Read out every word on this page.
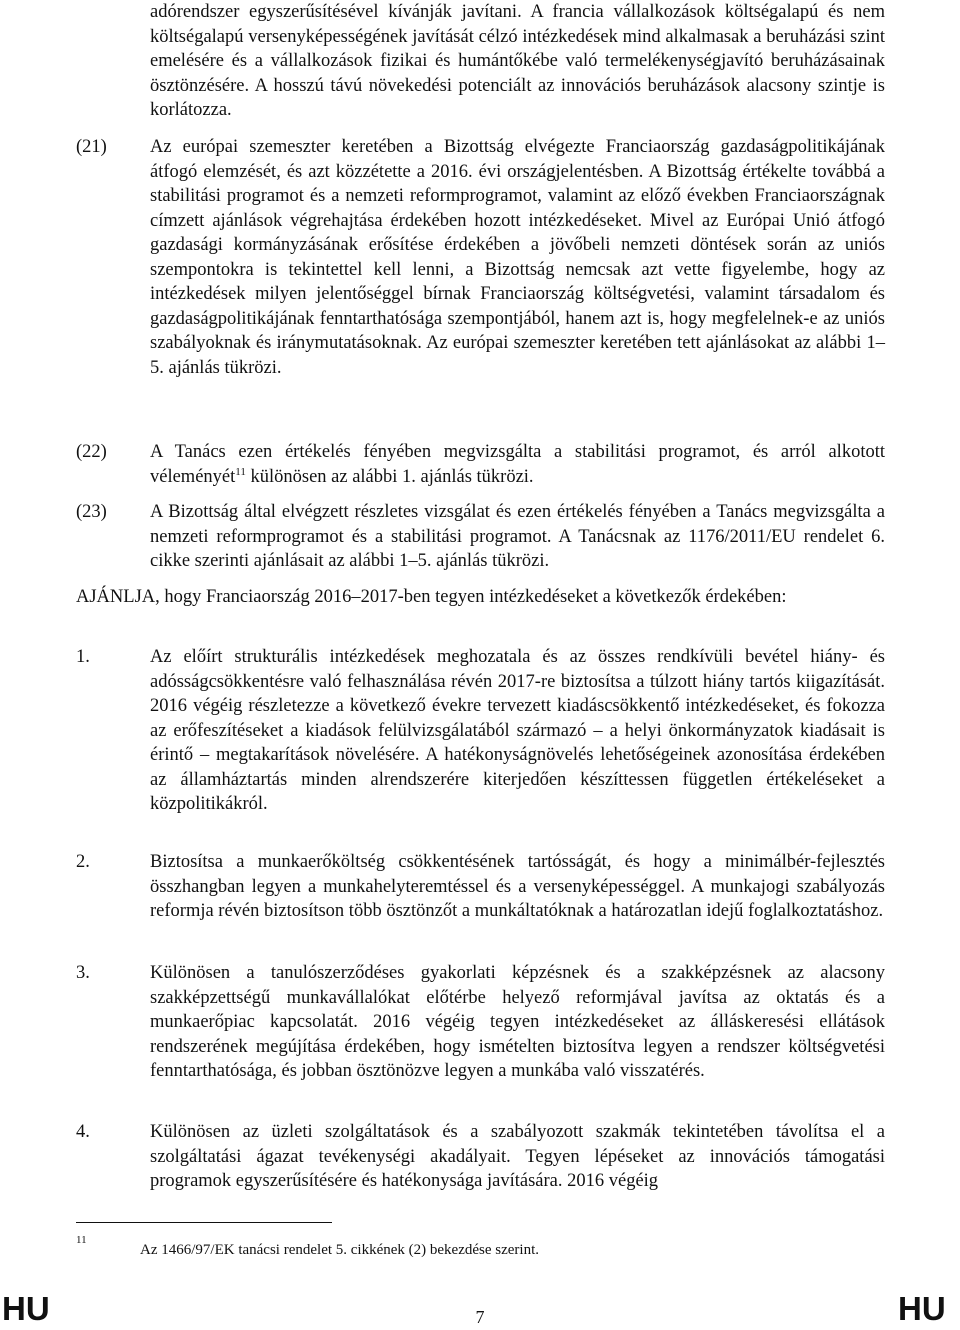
adórendszer egyszerűsítésével kívánják javítani. A francia vállalkozások költségalapú és nem költségalapú versenyképességének javítását célzó intézkedések mind alkalmasak a beruházási szint emelésére és a vállalkozások fizikai és humántőkébe való termelékenységjavító beruházásainak ösztönzésére. A hosszú távú növekedési potenciált az innovációs beruházások alacsony szintje is korlátozza.
(21) Az európai szemeszter keretében a Bizottság elvégezte Franciaország gazdaságpolitikájának átfogó elemzését, és azt közzétette a 2016. évi országjelentésben. A Bizottság értékelte továbbá a stabilitási programot és a nemzeti reformprogramot, valamint az előző években Franciaországnak címzett ajánlások végrehajtása érdekében hozott intézkedéseket. Mivel az Európai Unió átfogó gazdasági kormányzásának erősítése érdekében a jövőbeli nemzeti döntések során az uniós szempontokra is tekintettel kell lenni, a Bizottság nemcsak azt vette figyelembe, hogy az intézkedések milyen jelentőséggel bírnak Franciaország költségvetési, valamint társadalom és gazdaságpolitikájának fenntarthatósága szempontjából, hanem azt is, hogy megfelelnek-e az uniós szabályoknak és iránymutatásoknak. Az európai szemeszter keretében tett ajánlásokat az alábbi 1–5. ajánlás tükrözi.
(22) A Tanács ezen értékelés fényében megvizsgálta a stabilitási programot, és arról alkotott véleményét$^{11}$ különösen az alábbi 1. ajánlás tükrözi.
(23) A Bizottság által elvégzett részletes vizsgálat és ezen értékelés fényében a Tanács megvizsgálta a nemzeti reformprogramot és a stabilitási programot. A Tanácsnak az 1176/2011/EU rendelet 6. cikke szerinti ajánlásait az alábbi 1–5. ajánlás tükrözi.
AJÁNLJA, hogy Franciaország 2016–2017-ben tegyen intézkedéseket a következők érdekében:
1.	Az előírt strukturális intézkedések meghozatala és az összes rendkívüli bevétel hiány- és adósságcsökkentésre való felhasználása révén 2017-re biztosítsa a túlzott hiány tartós kiigazítását. 2016 végéig részletezze a következő évekre tervezett kiadáscsökkentő intézkedéseket, és fokozza az erőfeszítéseket a kiadások felülvizsgálatából származó – a helyi önkormányzatok kiadásait is érintő – megtakarítások növelésére. A hatékonyságnövelés lehetőségeinek azonosítása érdekében az államháztartás minden alrendszerére kiterjedően készíttessen független értékeléseket a közpolitikákról.
2.	Biztosítsa a munkaerőköltség csökkentésének tartósságát, és hogy a minimálbér-fejlesztés összhangban legyen a munkahelyteremtéssel és a versenyképességgel. A munkajogi szabályozás reformja révén biztosítson több ösztönzőt a munkáltatóknak a határozatlan idejű foglalkoztatáshoz.
3.	Különösen a tanulószerződéses gyakorlati képzésnek és a szakképzésnek az alacsony szakképzettségű munkavállalókat előtérbe helyező reformjával javítsa az oktatás és a munkaerőpiac kapcsolatát. 2016 végéig tegyen intézkedéseket az álláskeresési ellátások rendszerének megújítása érdekében, hogy ismételten biztosítva legyen a rendszer költségvetési fenntarthatósága, és jobban ösztönözve legyen a munkába való visszatérés.
4.	Különösen az üzleti szolgáltatások és a szabályozott szakmák tekintetében távolítsa el a szolgáltatási ágazat tevékenységi akadályait. Tegyen lépéseket az innovációs támogatási programok egyszerűsítésére és hatékonysága javítására. 2016 végéig
11
Az 1466/97/EK tanácsi rendelet 5. cikkének (2) bekezdése szerint.
HU	7	HU
